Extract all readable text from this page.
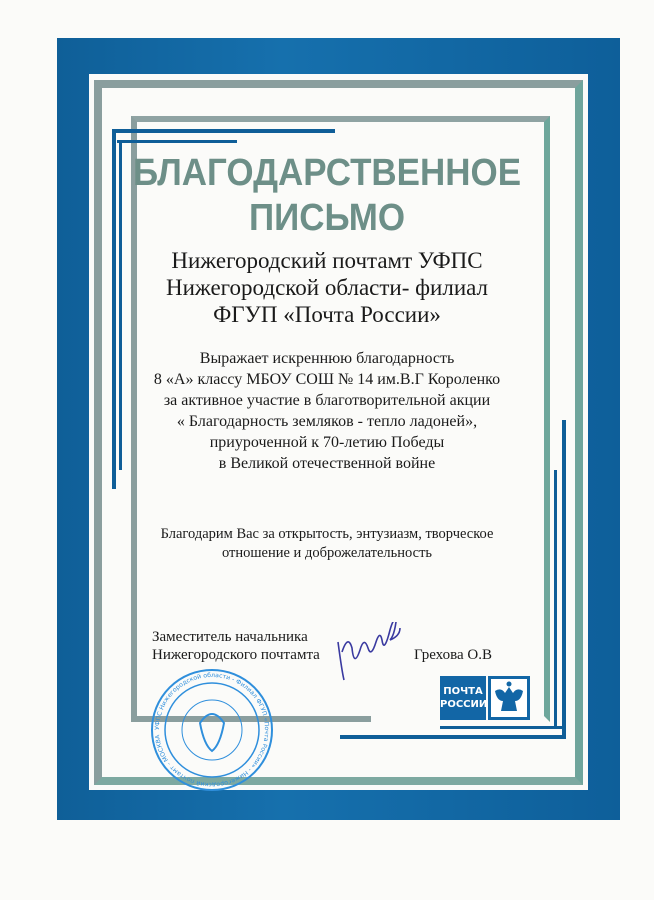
БЛАГОДАРСТВЕННОЕ
ПИСЬМО
Нижегородский почтамт УФПС
Нижегородской области- филиал
ФГУП «Почта России»
Выражает искреннюю благодарность
8 «А» классу МБОУ СОШ № 14 им.В.Г Короленко
за активное участие в благотворительной акции
« Благодарность земляков - тепло ладоней»,
приуроченной к 70-летию Победы
в Великой отечественной войне
Благодарим Вас за открытость, энтузиазм, творческое
отношение и доброжелательность
Заместитель начальника
Нижегородского почтамта
УФПС Нижегородской области - Филиал ФГУП «Почта России» - Нижегородский почтамт - МОСКВА
Грехова О.В
ПОЧТА
РОССИИ
